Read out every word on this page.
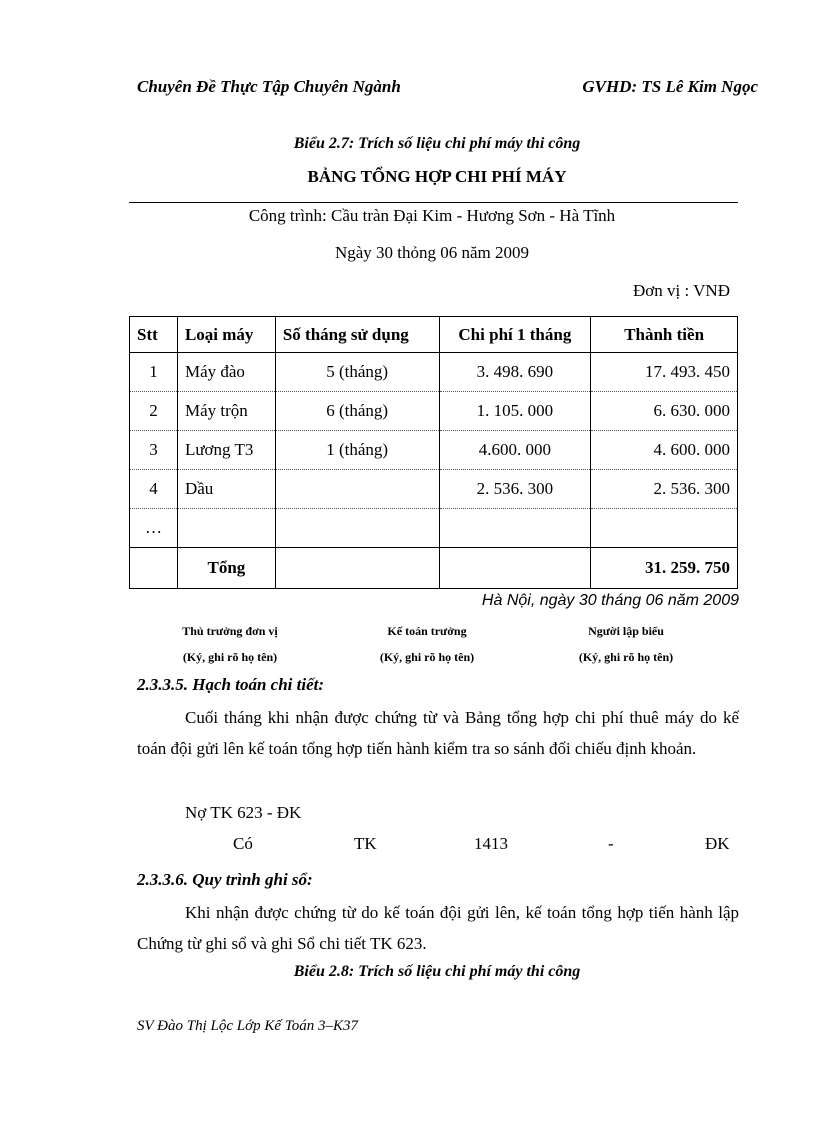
Chuyên Đề Thực Tập Chuyên Ngành	GVHD: TS Lê Kim Ngọc
Biểu 2.7: Trích số liệu chi phí máy thi công
BẢNG TỔNG HỢP CHI PHÍ MÁY
Công trình: Cầu tràn Đại Kim - Hương Sơn - Hà Tĩnh
Ngày 30 thỏng 06 năm 2009
Đơn vị : VNĐ
Stt	Loại máy	Số tháng sử dụng	Chi phí 1 tháng	Thành tiền
1	Máy đào	5 (tháng)	3. 498. 690	17. 493. 450
2	Máy trộn	6 (tháng)	1. 105. 000	6. 630. 000
3	Lương T3	1 (tháng)	4.600. 000	4. 600. 000
4	Dầu		2. 536. 300	2. 536. 300
…				
	Tổng			31. 259. 750
Hà Nội, ngày 30 tháng 06 năm 2009
Thủ trưởng đơn vị
(Ký, ghi rõ họ tên)
Kế toán trưởng
(Ký, ghi rõ họ tên)
Người lập biểu
(Ký, ghi rõ họ tên)
2.3.3.5. Hạch toán chi tiết:
Cuối tháng khi nhận được chứng từ và Bảng tổng hợp chi phí thuê máy do kế toán đội gửi lên kế toán tổng hợp tiến hành kiểm tra so sánh đối chiếu định khoản.
Nợ TK 623 - ĐK
Có	TK	1413	-	ĐK
2.3.3.6. Quy trình ghi sổ:
Khi nhận được chứng từ do kế toán đội gửi lên, kế toán tổng hợp tiến hành lập Chứng từ ghi sổ và ghi Sổ chi tiết TK 623.
Biểu 2.8: Trích số liệu chi phí máy thi công
SV Đào Thị Lộc Lớp Kế Toán 3–K37
